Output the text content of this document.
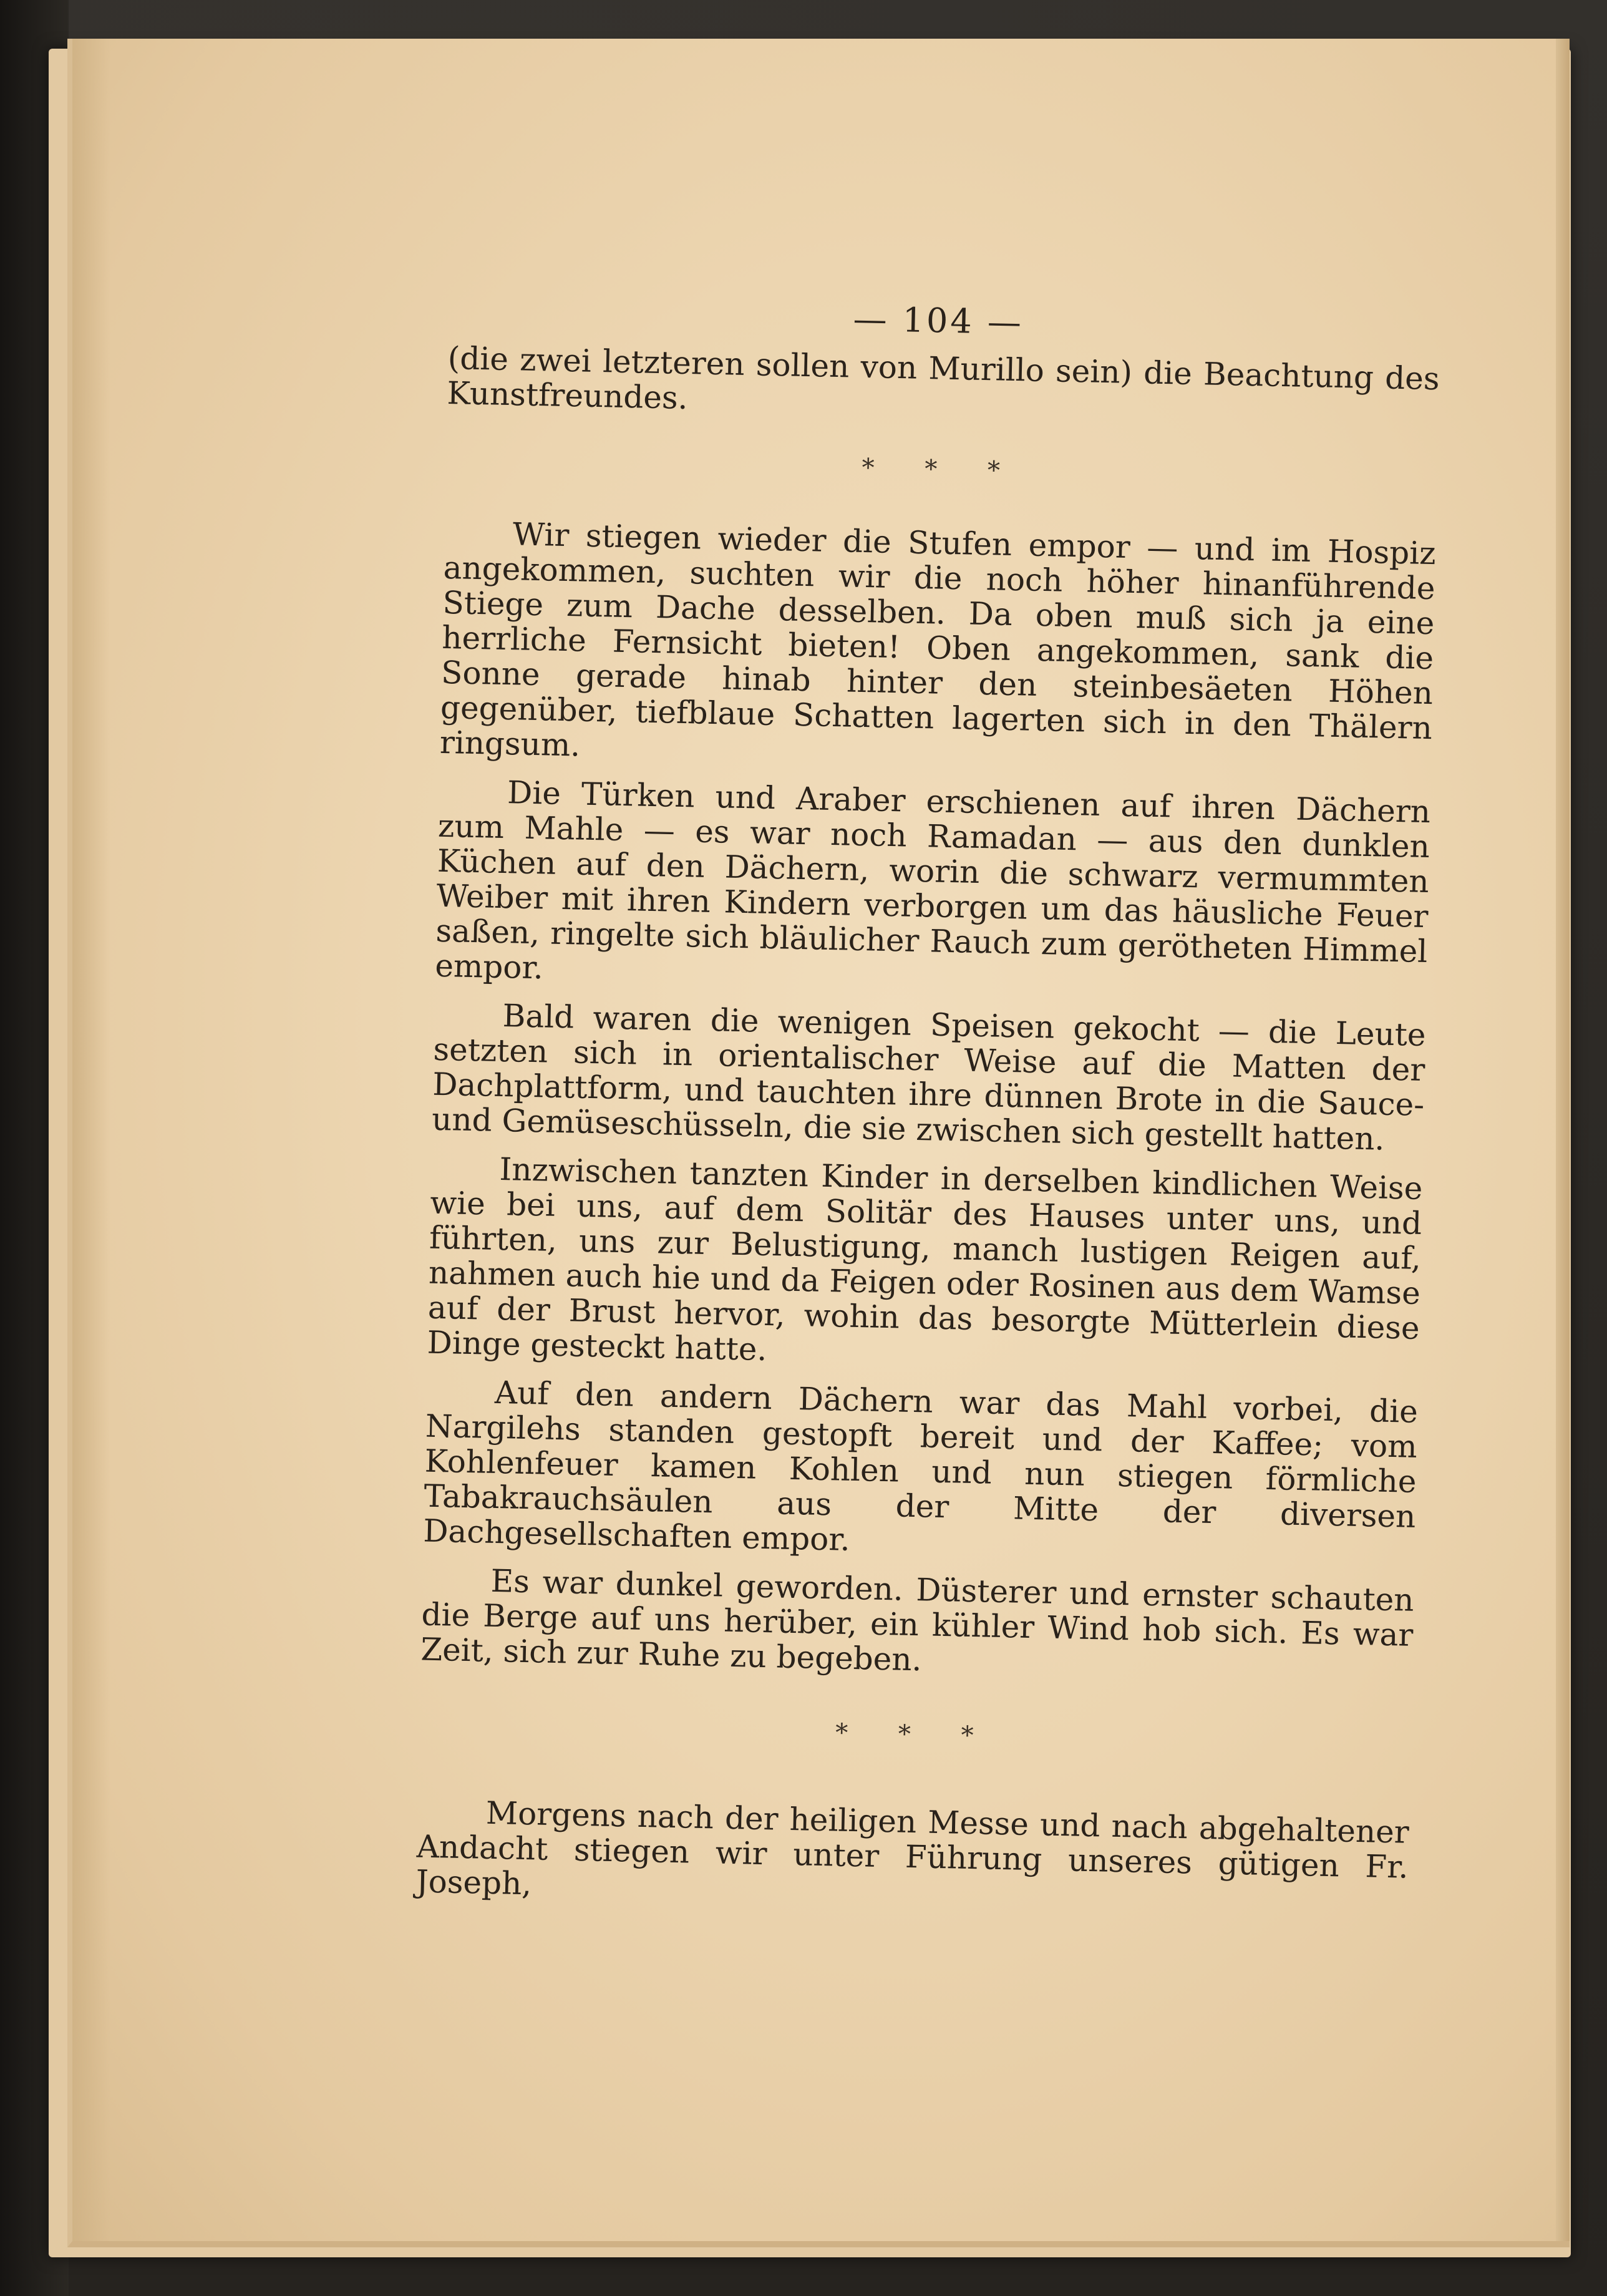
— 104 —

(die zwei letzteren sollen von Murillo sein) die Beachtung des Kunstfreundes.

* * *

Wir stiegen wieder die Stufen empor — und im Hospiz angekommen, suchten wir die noch höher hinanführende Stiege zum Dache desselben. Da oben muß sich ja eine herrliche Fernsicht bieten! Oben angekommen, sank die Sonne gerade hinab hinter den steinbesäeten Höhen gegenüber, tiefblaue Schatten lagerten sich in den Thälern ringsum.

Die Türken und Araber erschienen auf ihren Dächern zum Mahle — es war noch Ramadan — aus den dunklen Küchen auf den Dächern, worin die schwarz vermummten Weiber mit ihren Kindern verborgen um das häusliche Feuer saßen, ringelte sich bläulicher Rauch zum gerötheten Himmel empor.

Bald waren die wenigen Speisen gekocht — die Leute setzten sich in orientalischer Weise auf die Matten der Dachplattform, und tauchten ihre dünnen Brote in die Sauce- und Gemüseschüsseln, die sie zwischen sich gestellt hatten.

Inzwischen tanzten Kinder in derselben kindlichen Weise wie bei uns, auf dem Solitär des Hauses unter uns, und führten, uns zur Belustigung, manch lustigen Reigen auf, nahmen auch hie und da Feigen oder Rosinen aus dem Wamse auf der Brust hervor, wohin das besorgte Mütterlein diese Dinge gesteckt hatte.

Auf den andern Dächern war das Mahl vorbei, die Nargilehs standen gestopft bereit und der Kaffee; vom Kohlenfeuer kamen Kohlen und nun stiegen förmliche Tabakrauchsäulen aus der Mitte der diversen Dachgesellschaften empor.

Es war dunkel geworden. Düsterer und ernster schauten die Berge auf uns herüber, ein kühler Wind hob sich. Es war Zeit, sich zur Ruhe zu begeben.

* * *

Morgens nach der heiligen Messe und nach abgehaltener Andacht stiegen wir unter Führung unseres gütigen Fr. Joseph,
